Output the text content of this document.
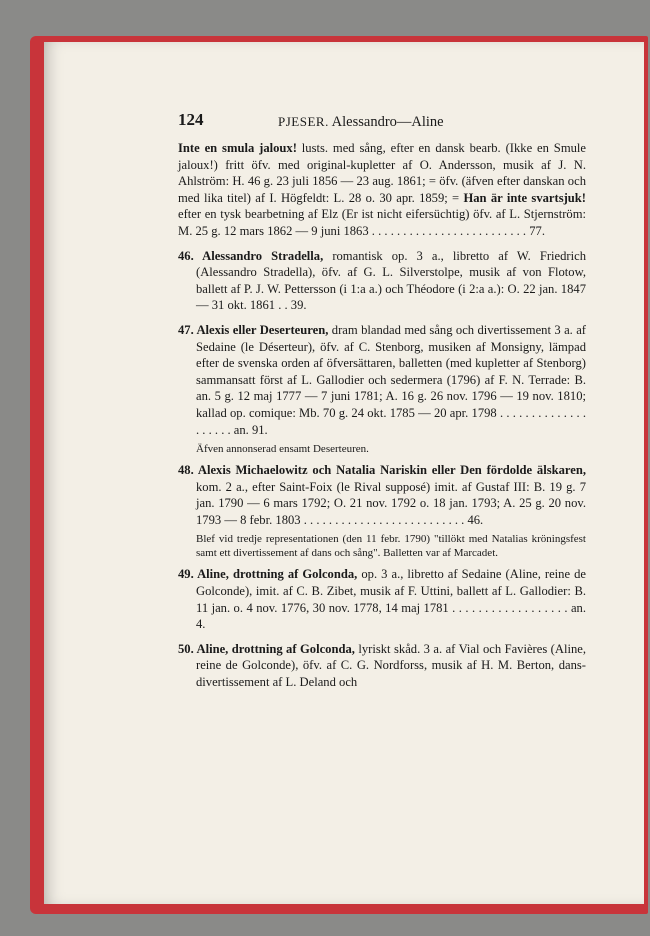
124	PJESER. Alessandro—Aline

Inte en smula jaloux! lusts. med sång, efter en dansk bearb. (Ikke en Smule jaloux!) fritt öfv. med original-kupletter af O. Andersson, musik af J. N. Ahlström: H. 46 g. 23 juli 1856 — 23 aug. 1861; = öfv. (äfven efter danskan och med lika titel) af I. Högfeldt: L. 28 o. 30 apr. 1859; = Han är inte svartsjuk! efter en tysk bearbetning af Elz (Er ist nicht eifersüchtig) öfv. af L. Stjernström: M. 25 g. 12 mars 1862 — 9 juni 1863 . . . . . . . . . . . . . . . . . . . . . . . . . 77.

46. Alessandro Stradella, romantisk op. 3 a., libretto af W. Friedrich (Alessandro Stradella), öfv. af G. L. Silverstolpe, musik af von Flotow, ballett af P. J. W. Pettersson (i 1:a a.) och Théodore (i 2:a a.): O. 22 jan. 1847 — 31 okt. 1861 . . 39.

47. Alexis eller Deserteuren, dram blandad med sång och divertissement 3 a. af Sedaine (le Déserteur), öfv. af C. Stenborg, musiken af Monsigny, lämpad efter de svenska orden af öfversättaren, balletten (med kupletter af Stenborg) sammansatt först af L. Gallodier och sedermera (1796) af F. N. Terrade: B. an. 5 g. 12 maj 1777 — 7 juni 1781; A. 16 g. 26 nov. 1796 — 19 nov. 1810; kallad op. comique: Mb. 70 g. 24 okt. 1785 — 20 apr. 1798 . . . . . . . . . . . . . . . . . . . . an. 91.

Äfven annonserad ensamt Deserteuren.

48. Alexis Michaelowitz och Natalia Nariskin eller Den fördolde älskaren, kom. 2 a., efter Saint-Foix (le Rival supposé) imit. af Gustaf III: B. 19 g. 7 jan. 1790 — 6 mars 1792; O. 21 nov. 1792 o. 18 jan. 1793; A. 25 g. 20 nov. 1793 — 8 febr. 1803 . . . . . . . . . . . . . . . . . . . . . . . . . . 46.

Blef vid tredje representationen (den 11 febr. 1790) "tillökt med Natalias kröningsfest samt ett divertissement af dans och sång". Balletten var af Marcadet.

49. Aline, drottning af Golconda, op. 3 a., libretto af Sedaine (Aline, reine de Golconde), imit. af C. B. Zibet, musik af F. Uttini, ballett af L. Gallodier: B. 11 jan. o. 4 nov. 1776, 30 nov. 1778, 14 maj 1781 . . . . . . . . . . . . . . . . . . an. 4.

50. Aline, drottning af Golconda, lyriskt skåd. 3 a. af Vial och Favières (Aline, reine de Golconde), öfv. af C. G. Nordforss, musik af H. M. Berton, dans-divertissement af L. Deland och
